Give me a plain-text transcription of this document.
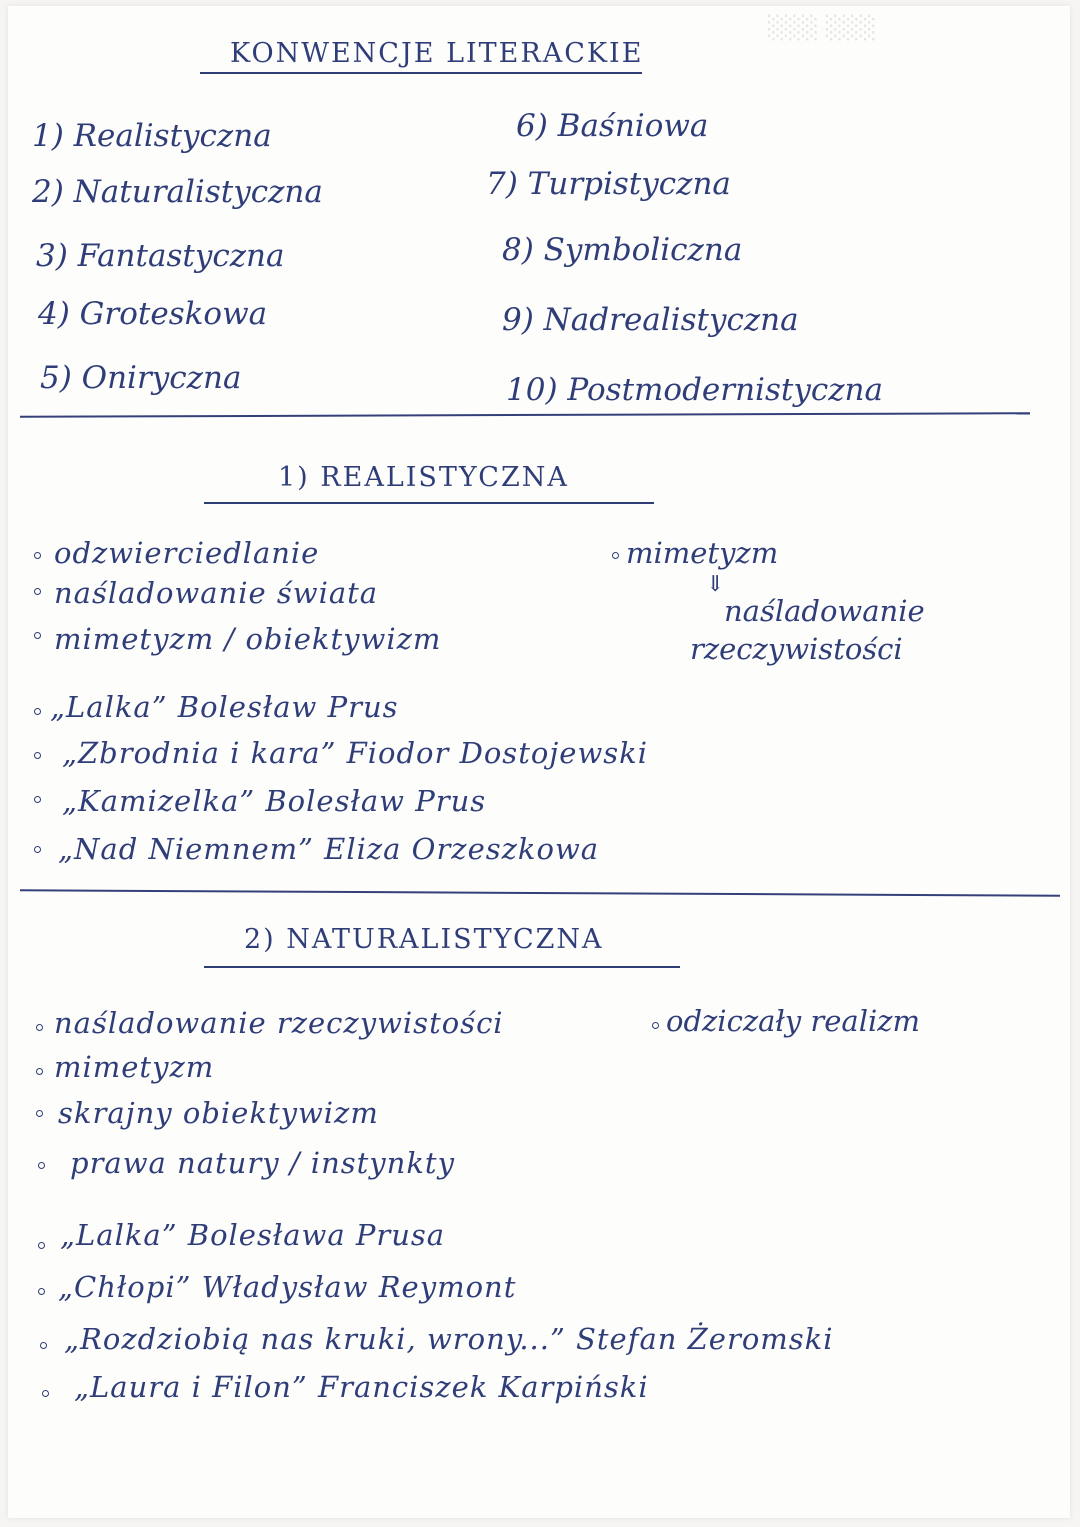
░░░ ░░░
KONWENCJE LITERACKIE
1) Realistyczna
2) Naturalistyczna
3) Fantastyczna
4) Groteskowa
5) Oniryczna
6) Baśniowa
7) Turpistyczna
8) Symboliczna
9) Nadrealistyczna
10) Postmodernistyczna
1) REALISTYCZNA
odzwierciedlanie
naśladowanie świata
mimetyzm / obiektywizm
„Lalka” Bolesław Prus
„Zbrodnia i kara” Fiodor Dostojewski
„Kamizelka” Bolesław Prus
„Nad Niemnem” Eliza Orzeszkowa
mimetyzm
⇓
naśladowanie
rzeczywistości
2) NATURALISTYCZNA
naśladowanie rzeczywistości
mimetyzm
skrajny obiektywizm
prawa natury / instynkty
„Lalka” Bolesława Prusa
„Chłopi” Władysław Reymont
„Rozdziobią nas kruki, wrony...” Stefan Żeromski
„Laura i Filon” Franciszek Karpiński
odziczały realizm
